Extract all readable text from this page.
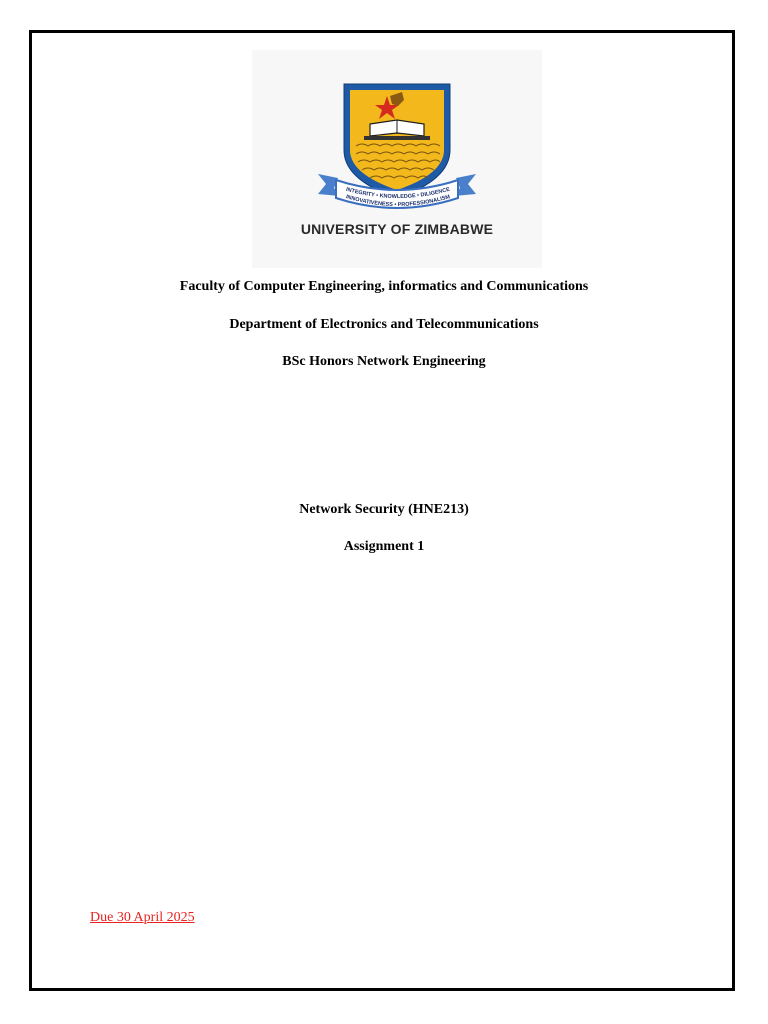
INTEGRITY • KNOWLEDGE • DILIGENCE
INNOVATIVENESS • PROFESSIONALISM
UNIVERSITY OF ZIMBABWE
Faculty of Computer Engineering, informatics and Communications
Department of Electronics and Telecommunications
BSc Honors Network Engineering
Network Security (HNE213)
Assignment 1
Due 30 April 2025
